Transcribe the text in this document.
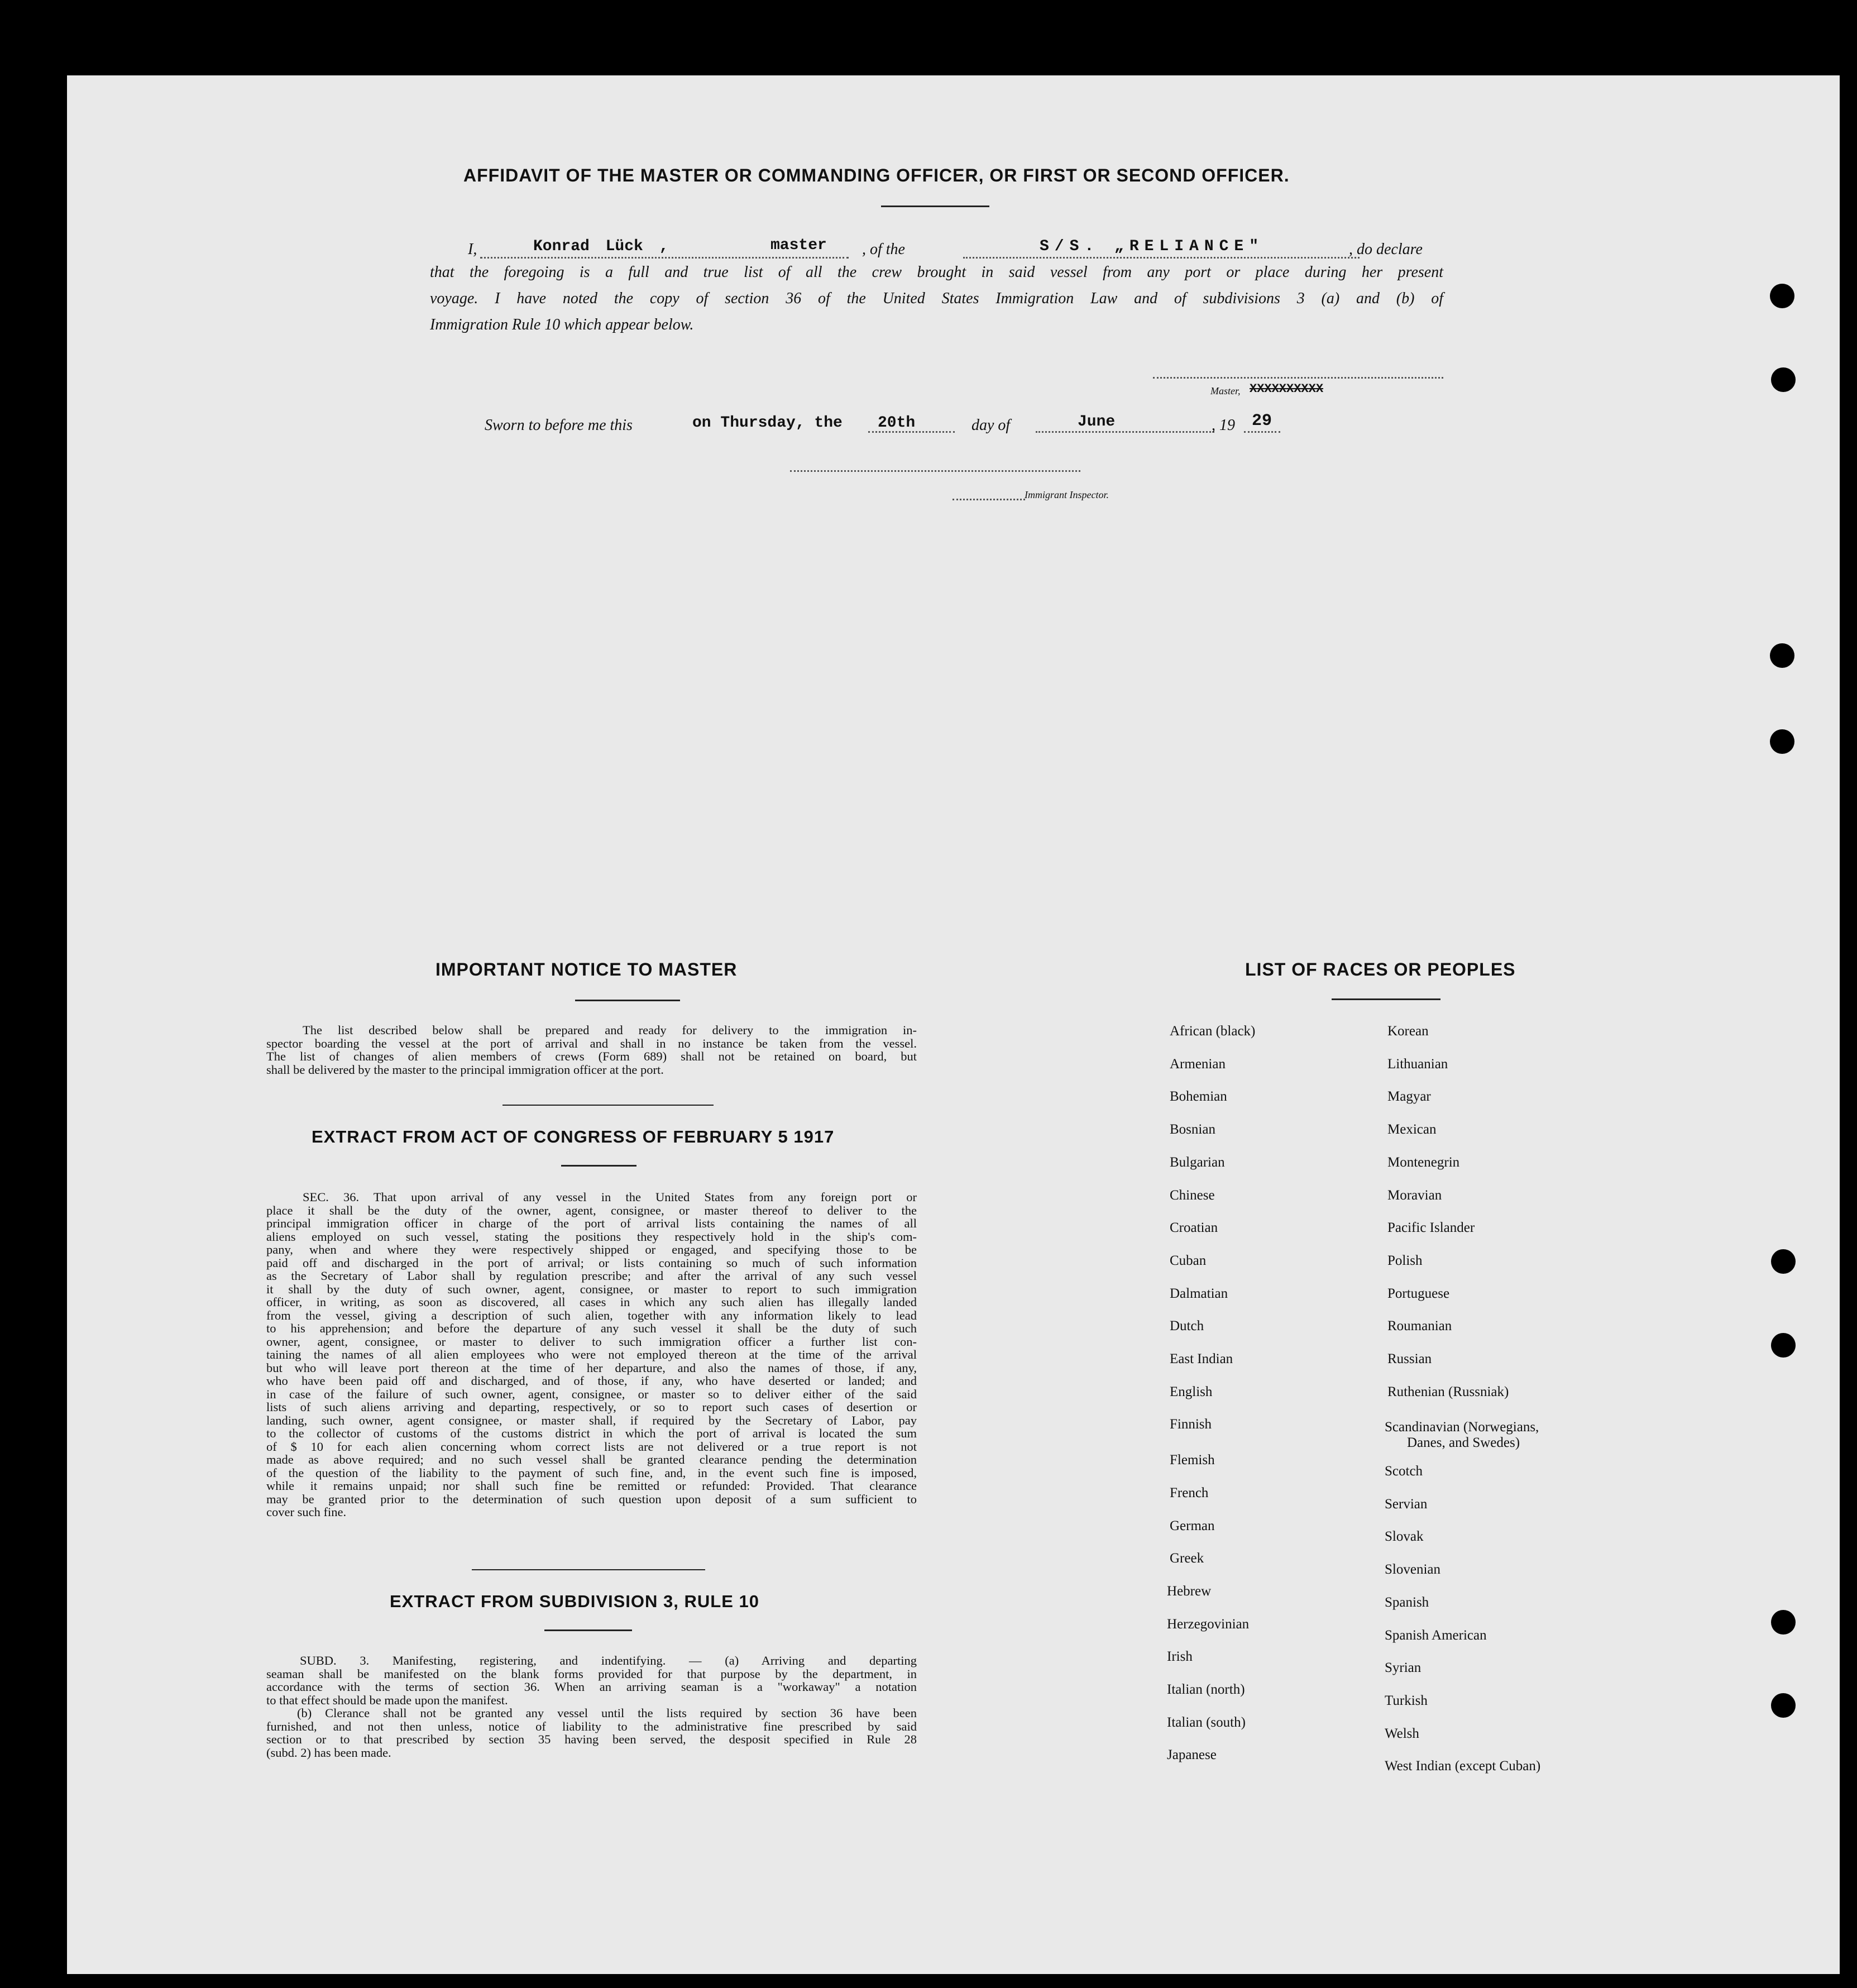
AFFIDAVIT OF THE MASTER OR COMMANDING OFFICER, OR FIRST OR SECOND OFFICER.
I,	Konrad Lück ,	master , of the	S/S. „RELIANCE"	, do declare
that the foregoing is a full and true list of all the crew brought in said vessel from any port or place during her present
voyage. I have noted the copy of section 36 of the United States Immigration Law and of subdivisions 3 (a) and (b) of
Immigration Rule 10 which appear below.
Master, XXXXXXXXXX
Sworn to before me this	on Thursday, the 20th	day of	June	, 19 29
Immigrant Inspector.
IMPORTANT NOTICE TO MASTER
The list described below shall be prepared and ready for delivery to the immigration in-
spector boarding the vessel at the port of arrival and shall in no instance be taken from the vessel.
The list of changes of alien members of crews (Form 689) shall not be retained on board, but
shall be delivered by the master to the principal immigration officer at the port.
EXTRACT FROM ACT OF CONGRESS OF FEBRUARY 5 1917
SEC. 36. That upon arrival of any vessel in the United States from any foreign port or
place it shall be the duty of the owner, agent, consignee, or master thereof to deliver to the
principal immigration officer in charge of the port of arrival lists containing the names of all
aliens employed on such vessel, stating the positions they respectively hold in the ship's com-
pany, when and where they were respectively shipped or engaged, and specifying those to be
paid off and discharged in the port of arrival; or lists containing so much of such information
as the Secretary of Labor shall by regulation prescribe; and after the arrival of any such vessel
it shall by the duty of such owner, agent, consignee, or master to report to such immigration
officer, in writing, as soon as discovered, all cases in which any such alien has illegally landed
from the vessel, giving a description of such alien, together with any information likely to lead
to his apprehension; and before the departure of any such vessel it shall be the duty of such
owner, agent, consignee, or master to deliver to such immigration officer a further list con-
taining the names of all alien employees who were not employed thereon at the time of the arrival
but who will leave port thereon at the time of her departure, and also the names of those, if any,
who have been paid off and discharged, and of those, if any, who have deserted or landed; and
in case of the failure of such owner, agent, consignee, or master so to deliver either of the said
lists of such aliens arriving and departing, respectively, or so to report such cases of desertion or
landing, such owner, agent consignee, or master shall, if required by the Secretary of Labor, pay
to the collector of customs of the customs district in which the port of arrival is located the sum
of $ 10 for each alien concerning whom correct lists are not delivered or a true report is not
made as above required; and no such vessel shall be granted clearance pending the determination
of the question of the liability to the payment of such fine, and, in the event such fine is imposed,
while it remains unpaid; nor shall such fine be remitted or refunded: Provided. That clearance
may be granted prior to the determination of such question upon deposit of a sum sufficient to
cover such fine.
EXTRACT FROM SUBDIVISION 3, RULE 10
SUBD. 3. Manifesting, registering, and indentifying. — (a) Arriving and departing
seaman shall be manifested on the blank forms provided for that purpose by the department, in
accordance with the terms of section 36. When an arriving seaman is a "workaway" a notation
to that effect should be made upon the manifest.
(b) Clerance shall not be granted any vessel until the lists required by section 36 have been
furnished, and not then unless, notice of liability to the administrative fine prescribed by said
section or to that prescribed by section 35 having been served, the desposit specified in Rule 28
(subd. 2) has been made.
LIST OF RACES OR PEOPLES
African (black)
Armenian
Bohemian
Bosnian
Bulgarian
Chinese
Croatian
Cuban
Dalmatian
Dutch
East Indian
English
Finnish
Flemish
French
German
Greek
Hebrew
Herzegovinian
Irish
Italian (north)
Italian (south)
Japanese
Korean
Lithuanian
Magyar
Mexican
Montenegrin
Moravian
Pacific Islander
Polish
Portuguese
Roumanian
Russian
Ruthenian (Russniak)
Scandinavian (Norwegians,
Danes, and Swedes)
Scotch
Servian
Slovak
Slovenian
Spanish
Spanish American
Syrian
Turkish
Welsh
West Indian (except Cuban)
